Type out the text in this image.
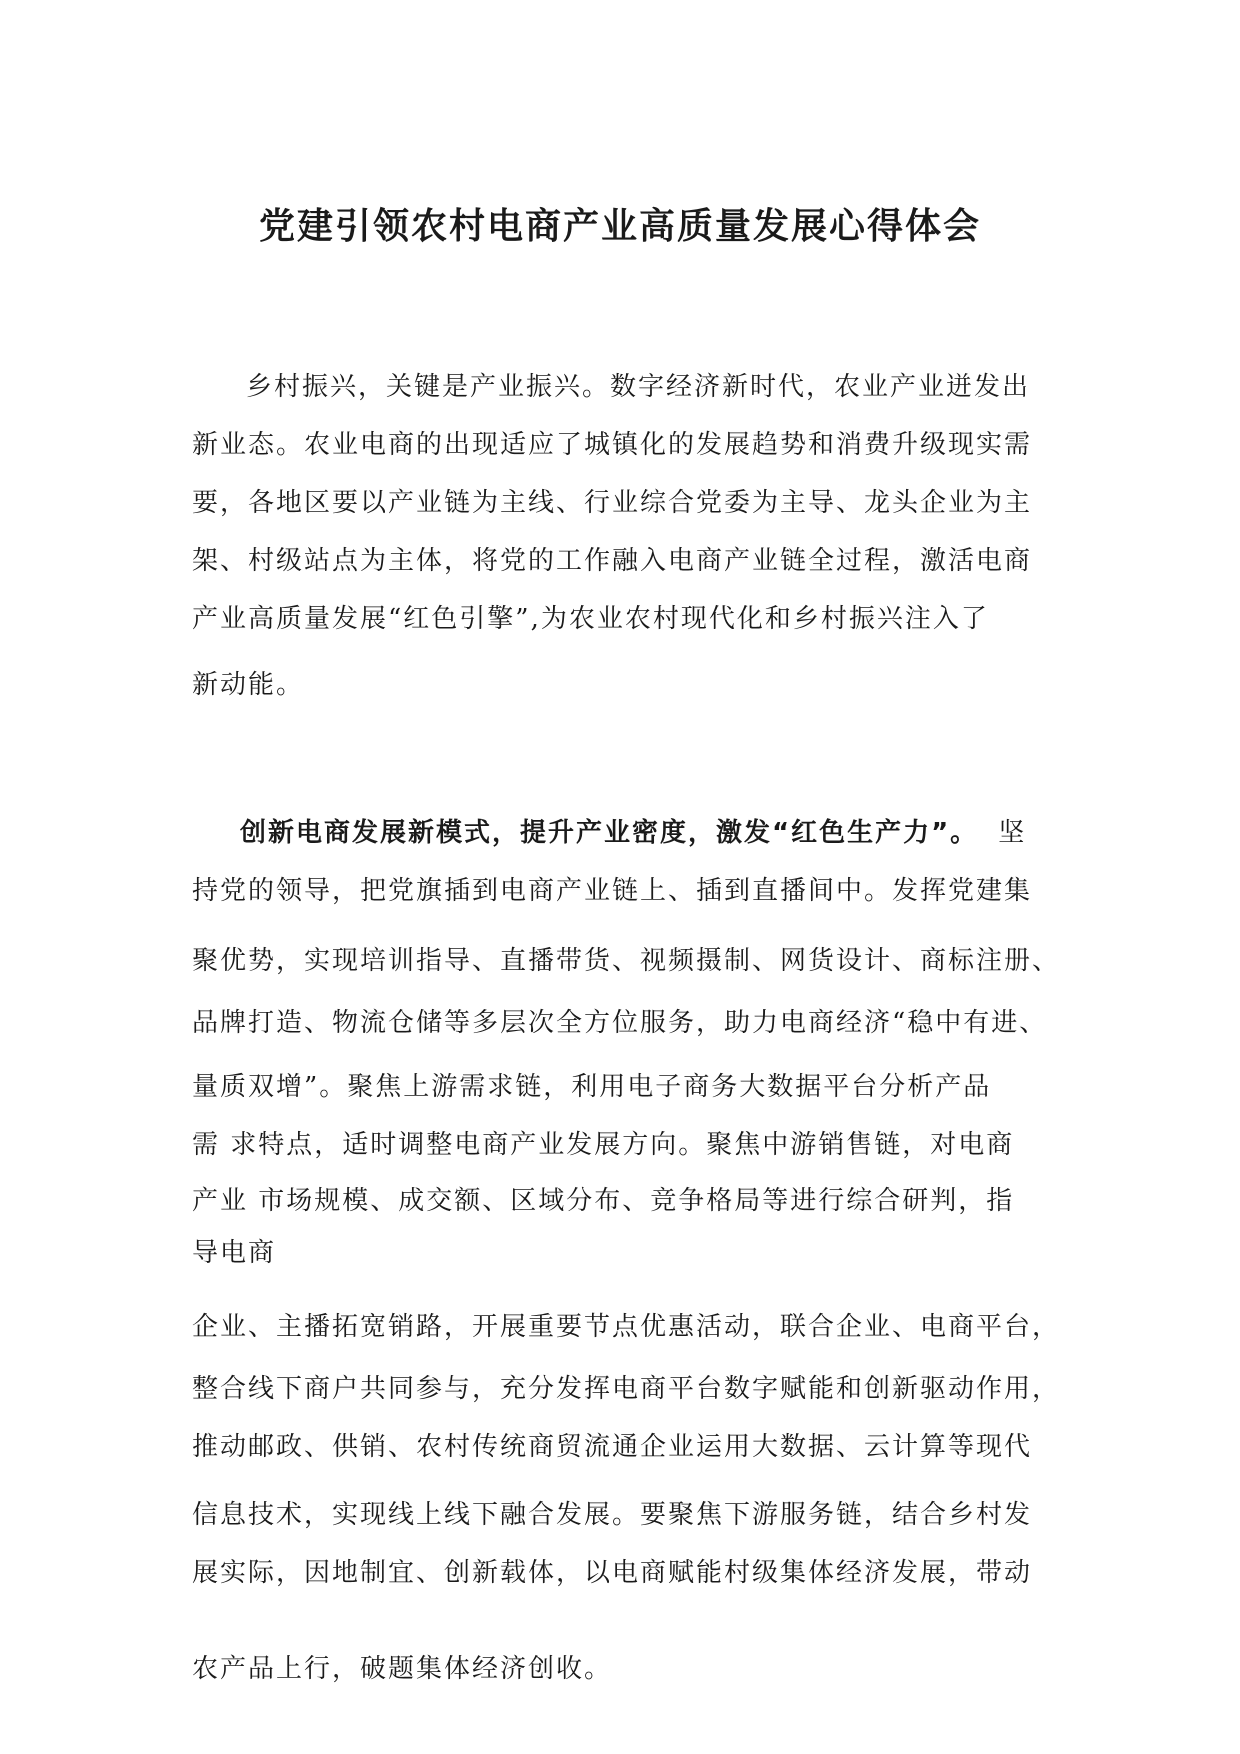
党建引领农村电商产业高质量发展心得体会
乡村振兴，关键是产业振兴。数字经济新时代，农业产业迸发出
新业态。农业电商的出现适应了城镇化的发展趋势和消费升级现实需
要，各地区要以产业链为主线、行业综合党委为主导、龙头企业为主
架、村级站点为主体，将党的工作融入电商产业链全过程，激活电商
产业高质量发展“红色引擎”,为农业农村现代化和乡村振兴注入了
新动能。
创新电商发展新模式，提升产业密度，激发“红色生产力”。 坚
持党的领导，把党旗插到电商产业链上、插到直播间中。发挥党建集
聚优势，实现培训指导、直播带货、视频摄制、网货设计、商标注册、
品牌打造、物流仓储等多层次全方位服务，助力电商经济“稳中有进、
量质双增”。聚焦上游需求链，利用电子商务大数据平台分析产品
需 求特点，适时调整电商产业发展方向。聚焦中游销售链，对电商
产业 市场规模、成交额、区域分布、竞争格局等进行综合研判，指
导电商
企业、主播拓宽销路，开展重要节点优惠活动，联合企业、电商平台，
整合线下商户共同参与，充分发挥电商平台数字赋能和创新驱动作用，
推动邮政、供销、农村传统商贸流通企业运用大数据、云计算等现代
信息技术，实现线上线下融合发展。要聚焦下游服务链，结合乡村发
展实际，因地制宜、创新载体，以电商赋能村级集体经济发展，带动
农产品上行，破题集体经济创收。
